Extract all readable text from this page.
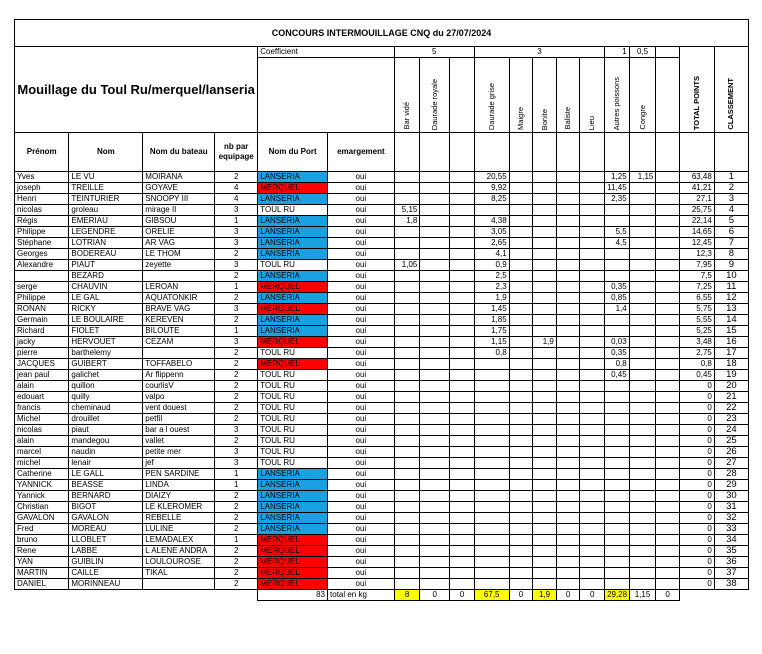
CONCOURS INTERMOUILLAGE CNQ du 27/07/2024																		
Mouillage du Toul Ru/merquel/lanseria				Coefficient		5			3					1	0,5		TOTAL POINTS	CLASSEMENT

						Bar vidé	Daurade royale		Daurade grise	Maigre	Bonite	Baliste	Lieu	Autres poissons	Congre			

Prénom	Nom	Nom du bateau	nb par equipage	Nom du Port	emargement													
Yves	LE VU	MOIRANA	2	LANSERIA	oui				20,55					1,25	1,15		63,48	1
joseph	TREILLE	GOYAVE	4	MERQUEL	oui				9,92					11,45			41,21	2
Henri	TEINTURIER	SNOOPY III	4	LANSERIA	oui				8,25					2,35			27,1	3
nicolas	groleau	mirage II	3	TOUL RU	oui	5,15											25,75	4
Régis	EMERIAU	GIBSOU	1	LANSERIA	oui	1,8			4,38								22,14	5
Philippe	LEGENDRE	ORELIE	3	LANSERIA	oui				3,05					5,5			14,65	6
Stéphane	LOTRIAN	AR VAG	3	LANSERIA	oui				2,65					4,5			12,45	7
Georges	BODEREAU	LE THOM	2	LANSERIA	oui				4,1								12,3	8
Alexandre	PIAUT	zeyette	3	TOUL RU	oui	1,05			0,9								7,95	9
	BEZARD		2	LANSERIA	oui				2,5								7,5	10
serge	CHAUVIN	LEROAN	1	MERQUEL	oui				2,3					0,35			7,25	11
Philippe	LE GAL	AQUATONKIR	2	LANSERIA	oui				1,9					0,85			6,55	12
RONAN	RICKY	BRAVE VAG	3	MERQUEL	oui				1,45					1,4			5,75	13
Germain	LE BOULAIRE	KEREVEN	2	LANSERIA	oui				1,85								5,55	14
Richard	FIOLET	BILOUTE	1	LANSERIA	oui				1,75								5,25	15
jacky	HERVOUET	CEZAM	3	MERQUEL	oui				1,15		1,9			0,03			3,48	16
pierre	barthelemy		2	TOUL RU	oui				0,8					0,35			2,75	17
JACQUES	GUIBERT	TOFFABELO	2	MERQUEL	oui									0,8			0,8	18
jean paul	galichet	Ar flippenn	2	TOUL RU	oui									0,45			0,45	19
alain	quillon	courlisV	2	TOUL RU	oui												0	20
edouart	quilly	valpo	2	TOUL RU	oui												0	21
francis	cheminaud	vent douest	2	TOUL RU	oui												0	22
Michel	drouillet	petfil	2	TOUL RU	oui												0	23
nicolas	piaut	bar a l ouest	3	TOUL RU	oui												0	24
alain	mandegou	vallet	2	TOUL RU	oui												0	25
marcel	naudin	petite mer	3	TOUL RU	oui												0	26
michel	lenair	jef	3	TOUL RU	oui												0	27
Catherine	LE GALL	PEN SARDINE	1	LANSERIA	oui												0	28
YANNICK	BEASSE	LINDA	1	LANSERIA	oui												0	29
Yannick	BERNARD	DIAIZY	2	LANSERIA	oui												0	30
Christian	BIGOT	LE KLEROMER	2	LANSERIA	oui												0	31
GAVALON	GAVALON	REBELLE	2	LANSERIA	oui												0	32
Fred	MOREAU	LULINE	2	LANSERIA	oui												0	33
bruno	LLOBLET	LEMADALEX	1	MERQUEL	oui												0	34
Rene	LABBE	L ALENE ANDRA	2	MERQUEL	oui												0	35
YAN	GUIBLIN	LOULOUROSE	2	MERQUEL	oui												0	36
MARTIN	CAILLE	TIKAL	2	MERQUEL	oui												0	37
DANIEL	MORINNEAU		2	MERQUEL	oui												0	38
				83	total en kg	8	0	0	67,5	0	1,9	0	0	29,28	1,15	0		
